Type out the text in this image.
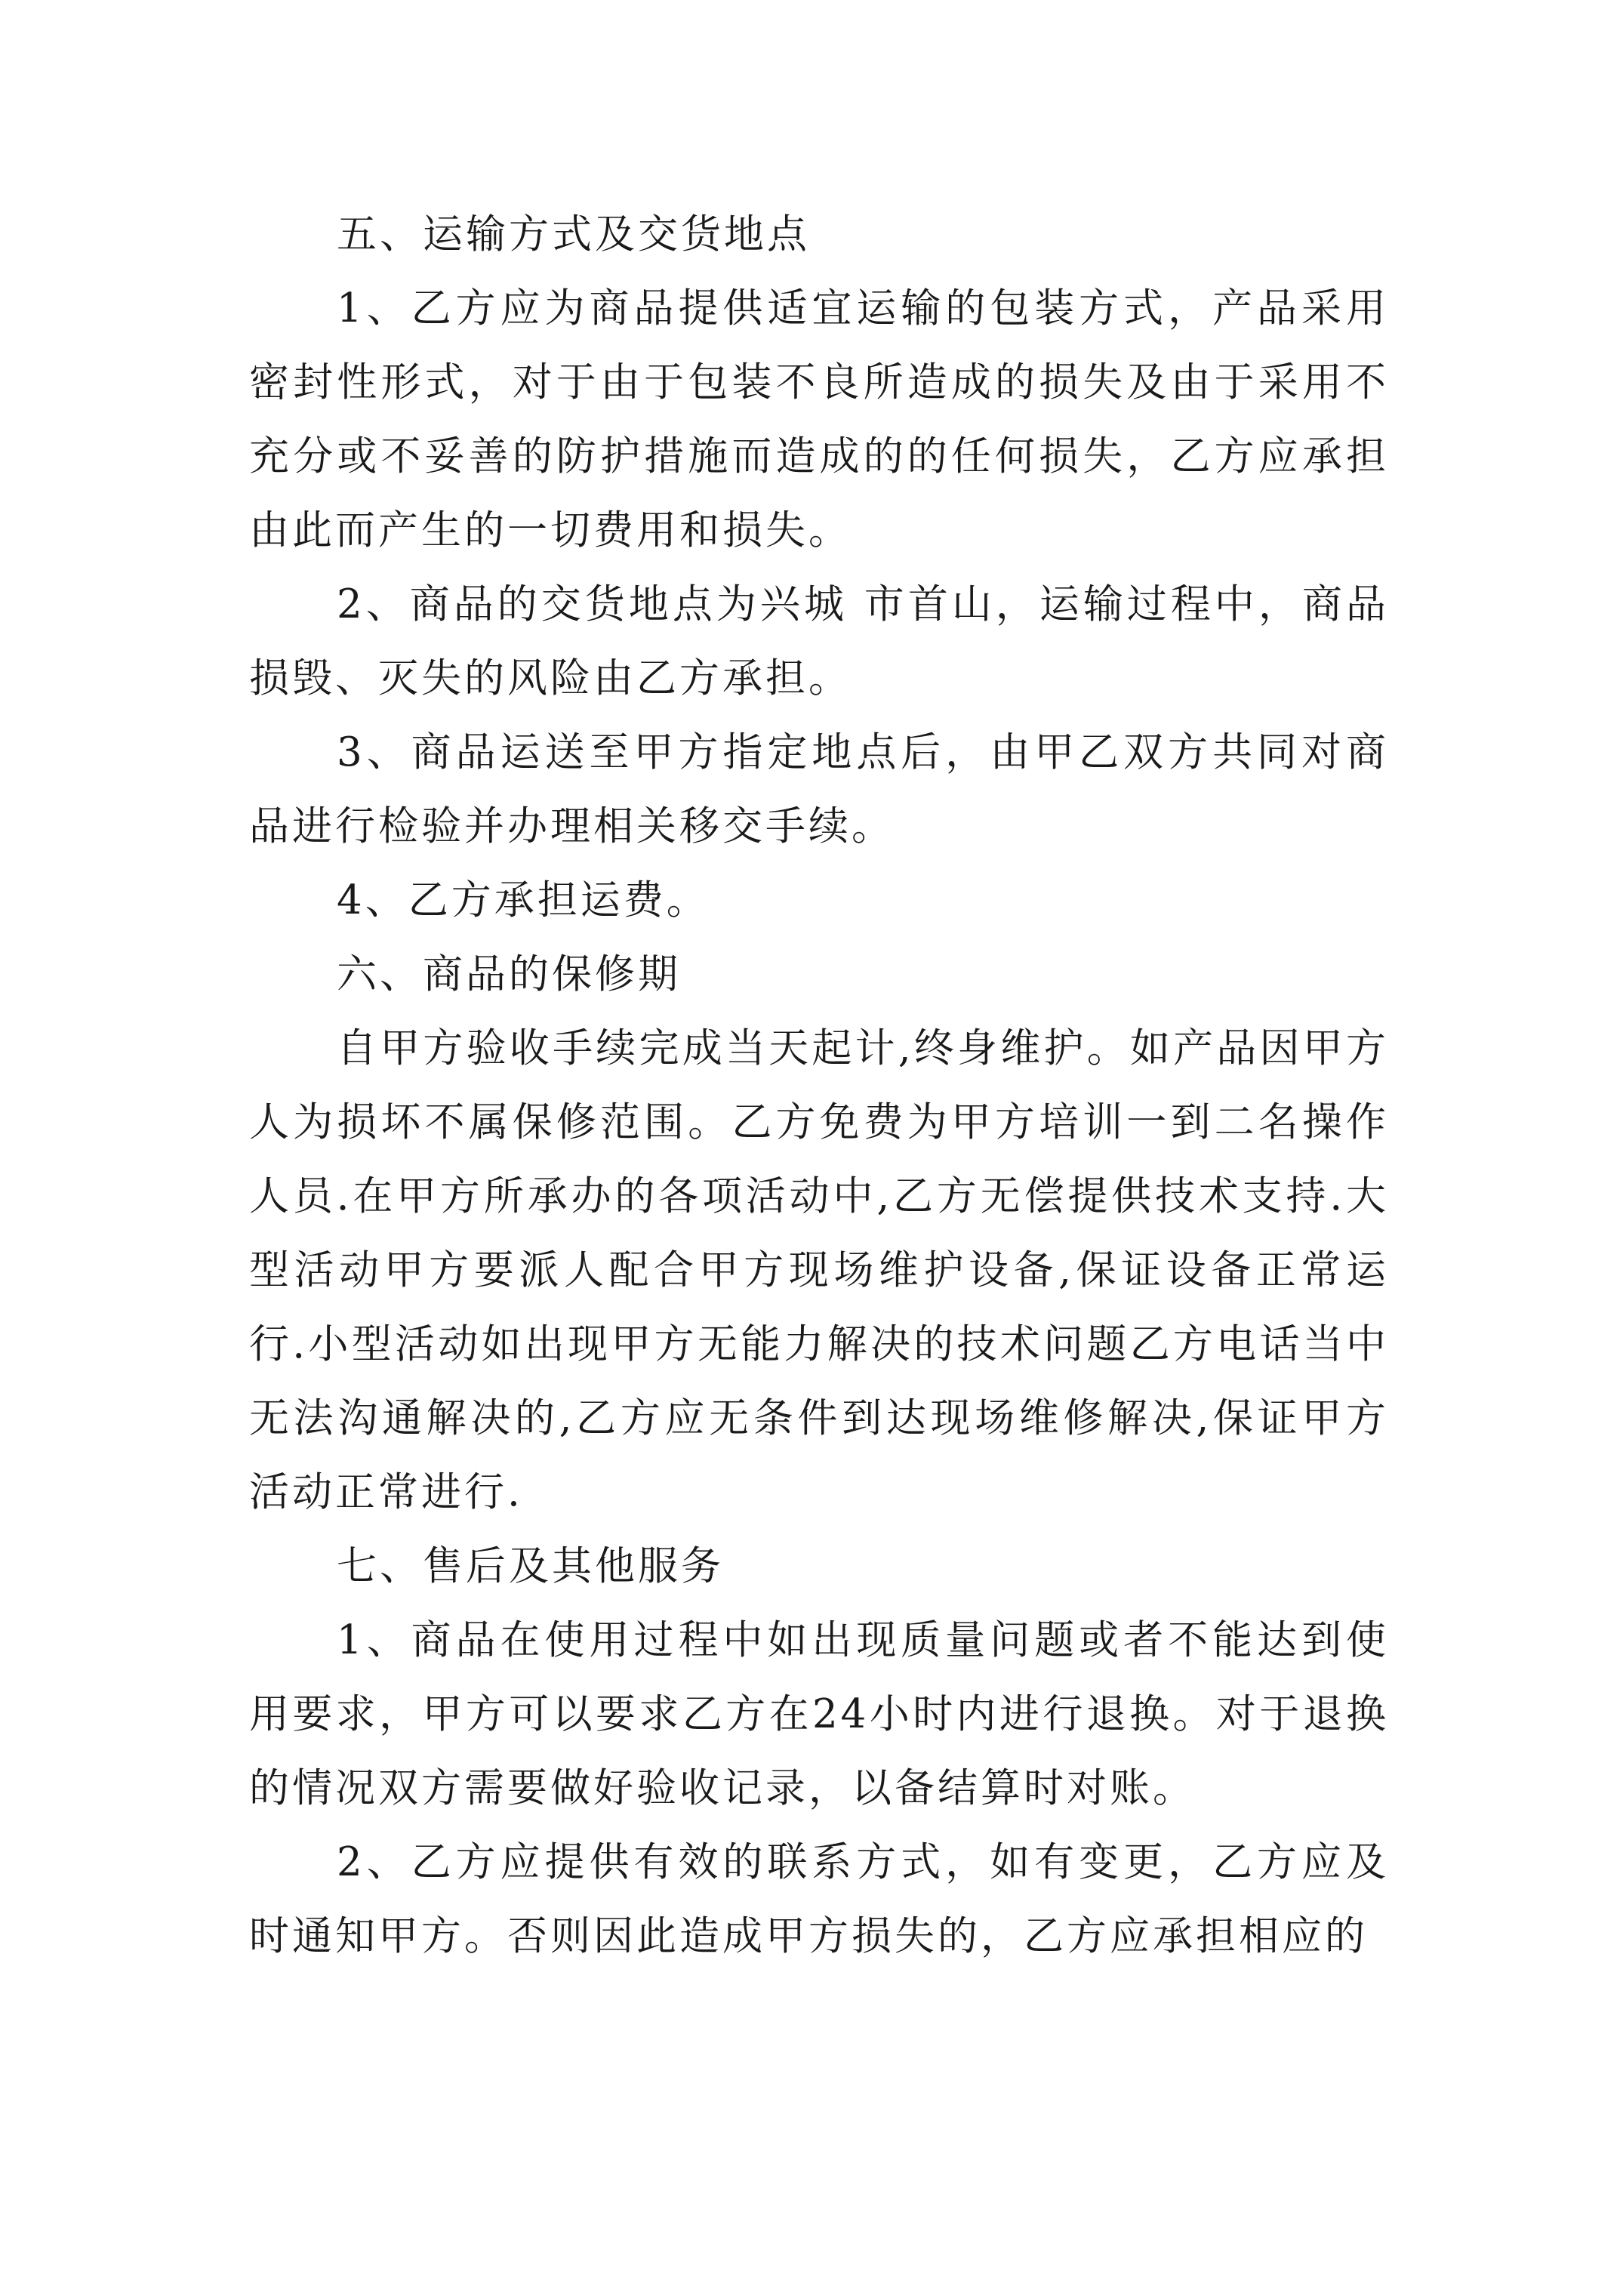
五、运输方式及交货地点

1、乙方应为商品提供适宜运输的包装方式，产品采用密封性形式，对于由于包装不良所造成的损失及由于采用不充分或不妥善的防护措施而造成的的任何损失，乙方应承担由此而产生的一切费用和损失。

2、商品的交货地点为兴城 市首山，运输过程中，商品损毁、灭失的风险由乙方承担。

3、商品运送至甲方指定地点后，由甲乙双方共同对商品进行检验并办理相关移交手续。

4、乙方承担运费。

六、商品的保修期

自甲方验收手续完成当天起计,终身维护。如产品因甲方人为损坏不属保修范围。乙方免费为甲方培训一到二名操作人员.在甲方所承办的各项活动中,乙方无偿提供技术支持.大型活动甲方要派人配合甲方现场维护设备,保证设备正常运行.小型活动如出现甲方无能力解决的技术问题乙方电话当中无法沟通解决的,乙方应无条件到达现场维修解决,保证甲方活动正常进行.

七、售后及其他服务

1、商品在使用过程中如出现质量问题或者不能达到使用要求，甲方可以要求乙方在24小时内进行退换。对于退换的情况双方需要做好验收记录，以备结算时对账。

2、乙方应提供有效的联系方式，如有变更，乙方应及时通知甲方。否则因此造成甲方损失的，乙方应承担相应的
